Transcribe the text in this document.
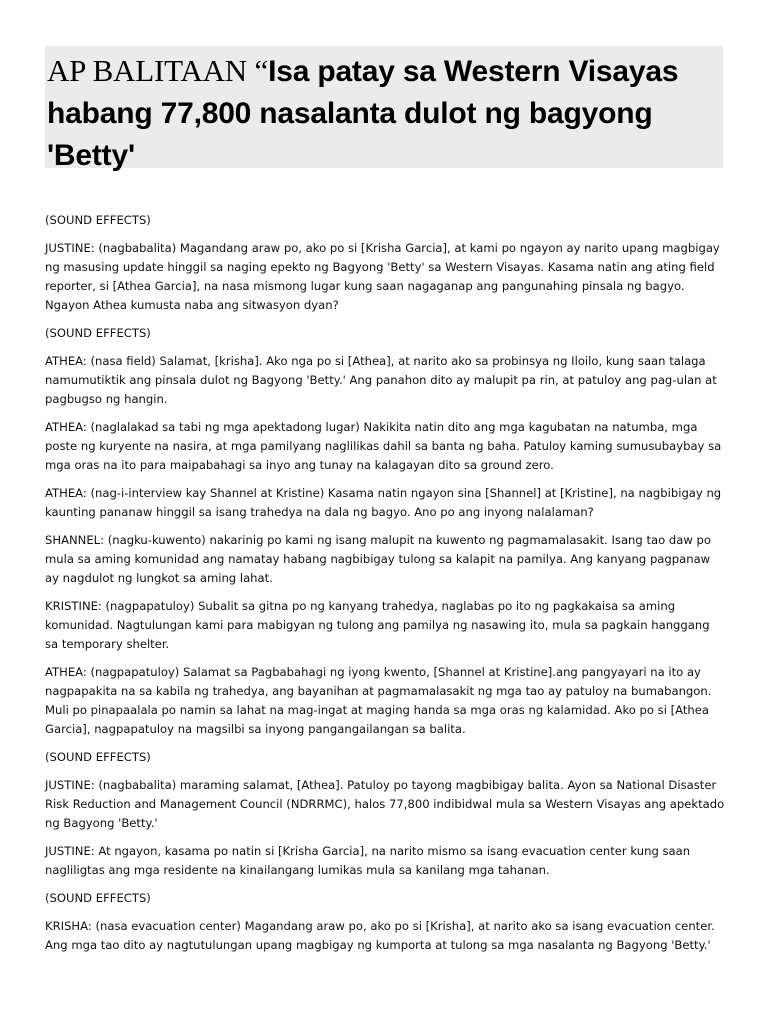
AP BALITAAN “Isa patay sa Western Visayas habang 77,800 nasalanta dulot ng bagyong 'Betty'

(SOUND EFFECTS)

JUSTINE: (nagbabalita) Magandang araw po, ako po si [Krisha Garcia], at kami po ngayon ay narito upang magbigay ng masusing update hinggil sa naging epekto ng Bagyong 'Betty' sa Western Visayas. Kasama natin ang ating field reporter, si [Athea Garcia], na nasa mismong lugar kung saan nagaganap ang pangunahing pinsala ng bagyo. Ngayon Athea kumusta naba ang sitwasyon dyan?

(SOUND EFFECTS)

ATHEA: (nasa field) Salamat, [krisha]. Ako nga po si [Athea], at narito ako sa probinsya ng Iloilo, kung saan talaga namumutiktik ang pinsala dulot ng Bagyong 'Betty.' Ang panahon dito ay malupit pa rin, at patuloy ang pag-ulan at pagbugso ng hangin.

ATHEA: (naglalakad sa tabi ng mga apektadong lugar) Nakikita natin dito ang mga kagubatan na natumba, mga poste ng kuryente na nasira, at mga pamilyang naglilikas dahil sa banta ng baha. Patuloy kaming sumusubaybay sa mga oras na ito para maipabahagi sa inyo ang tunay na kalagayan dito sa ground zero.

ATHEA: (nag-i-interview kay Shannel at Kristine) Kasama natin ngayon sina [Shannel] at [Kristine], na nagbibigay ng kaunting pananaw hinggil sa isang trahedya na dala ng bagyo. Ano po ang inyong nalalaman?

SHANNEL: (nagku-kuwento) nakarinig po kami ng isang malupit na kuwento ng pagmamalasakit. Isang tao daw po mula sa aming komunidad ang namatay habang nagbibigay tulong sa kalapit na pamilya. Ang kanyang pagpanaw ay nagdulot ng lungkot sa aming lahat.

KRISTINE: (nagpapatuloy) Subalit sa gitna po ng kanyang trahedya, naglabas po ito ng pagkakaisa sa aming komunidad. Nagtulungan kami para mabigyan ng tulong ang pamilya ng nasawing ito, mula sa pagkain hanggang sa temporary shelter.

ATHEA: (nagpapatuloy) Salamat sa Pagbabahagi ng iyong kwento, [Shannel at Kristine].ang pangyayari na ito ay nagpapakita na sa kabila ng trahedya, ang bayanihan at pagmamalasakit ng mga tao ay patuloy na bumabangon. Muli po pinapaalala po namin sa lahat na mag-ingat at maging handa sa mga oras ng kalamidad. Ako po si [Athea Garcia], nagpapatuloy na magsilbi sa inyong pangangailangan sa balita.

(SOUND EFFECTS)

JUSTINE: (nagbabalita) maraming salamat, [Athea]. Patuloy po tayong magbibigay balita. Ayon sa National Disaster Risk Reduction and Management Council (NDRRMC), halos 77,800 indibidwal mula sa Western Visayas ang apektado ng Bagyong 'Betty.'

JUSTINE: At ngayon, kasama po natin si [Krisha Garcia], na narito mismo sa isang evacuation center kung saan nagliligtas ang mga residente na kinailangang lumikas mula sa kanilang mga tahanan.

(SOUND EFFECTS)

KRISHA: (nasa evacuation center) Magandang araw po, ako po si [Krisha], at narito ako sa isang evacuation center. Ang mga tao dito ay nagtutulungan upang magbigay ng kumporta at tulong sa mga nasalanta ng Bagyong 'Betty.'
